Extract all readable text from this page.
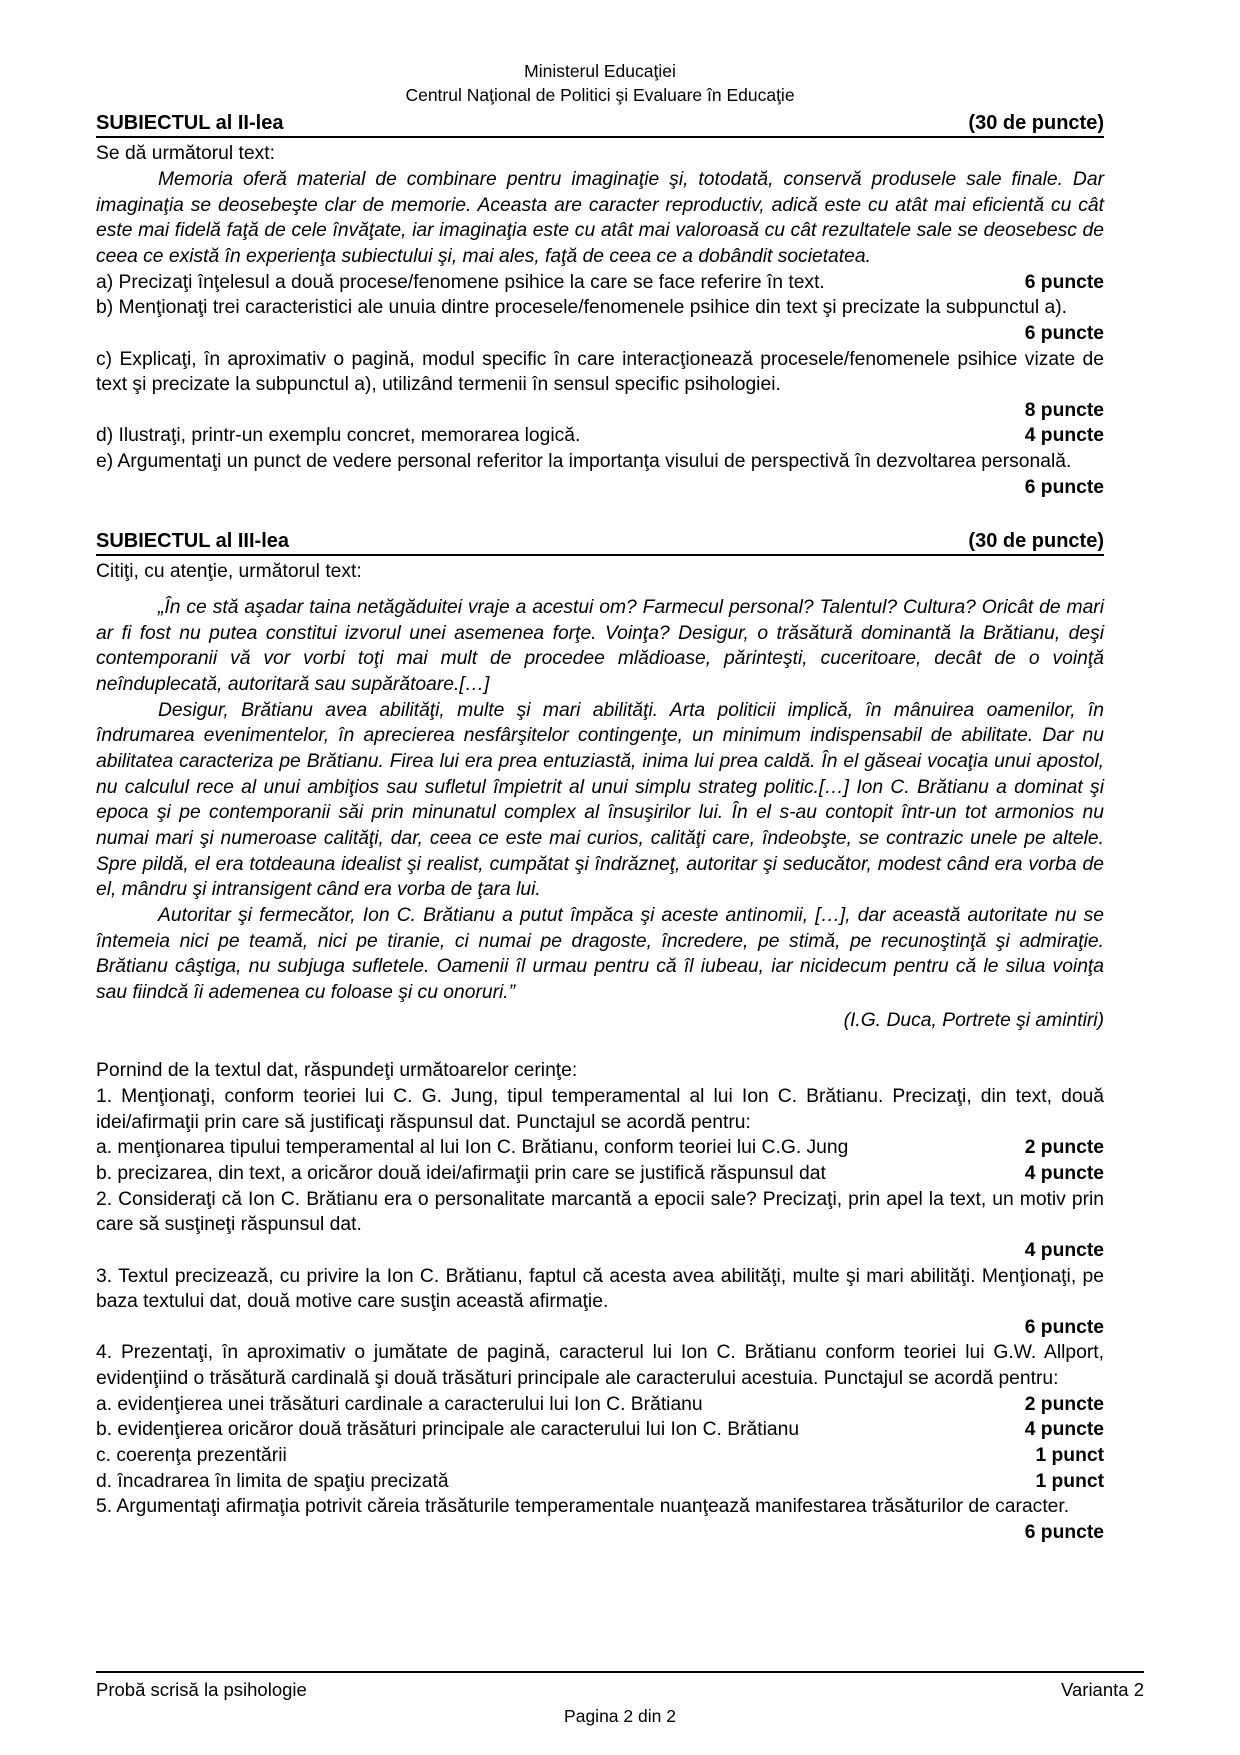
Ministerul Educaţiei
Centrul Naţional de Politici şi Evaluare în Educaţie
SUBIECTUL al II-lea	(30 de puncte)

Se dă următorul text:

Memoria oferă material de combinare pentru imaginaţie şi, totodată, conservă produsele sale finale. Dar imaginaţia se deosebeşte clar de memorie. Aceasta are caracter reproductiv, adică este cu atât mai eficientă cu cât este mai fidelă faţă de cele învăţate, iar imaginaţia este cu atât mai valoroasă cu cât rezultatele sale se deosebesc de ceea ce există în experienţa subiectului şi, mai ales, faţă de ceea ce a dobândit societatea.

a) Precizaţi înţelesul a două procese/fenomene psihice la care se face referire în text.	6 puncte

b) Menţionaţi trei caracteristici ale unuia dintre procesele/fenomenele psihice din text şi precizate la subpunctul a).

6 puncte

c) Explicaţi, în aproximativ o pagină, modul specific în care interacţionează procesele/fenomenele psihice vizate de text şi precizate la subpunctul a), utilizând termenii în sensul specific psihologiei.

8 puncte

d) Ilustraţi, printr-un exemplu concret, memorarea logică.	4 puncte

e) Argumentaţi un punct de vedere personal referitor la importanţa visului de perspectivă în dezvoltarea personală.

6 puncte

SUBIECTUL al III-lea	(30 de puncte)

Citiţi, cu atenţie, următorul text:

„În ce stă aşadar taina netăgăduitei vraje a acestui om? Farmecul personal? Talentul? Cultura? Oricât de mari ar fi fost nu putea constitui izvorul unei asemenea forţe. Voinţa? Desigur, o trăsătură dominantă la Brătianu, deşi contemporanii vă vor vorbi toţi mai mult de procedee mlădioase, părinteşti, cuceritoare, decât de o voinţă neînduplecată, autoritară sau supărătoare.[…]

Desigur, Brătianu avea abilităţi, multe şi mari abilităţi. Arta politicii implică, în mânuirea oamenilor, în îndrumarea evenimentelor, în aprecierea nesfârşitelor contingenţe, un minimum indispensabil de abilitate. Dar nu abilitatea caracteriza pe Brătianu. Firea lui era prea entuziastă, inima lui prea caldă. În el găseai vocaţia unui apostol, nu calculul rece al unui ambiţios sau sufletul împietrit al unui simplu strateg politic.[…] Ion C. Brătianu a dominat şi epoca şi pe contemporanii săi prin minunatul complex al însuşirilor lui. În el s-au contopit într-un tot armonios nu numai mari şi numeroase calităţi, dar, ceea ce este mai curios, calităţi care, îndeobşte, se contrazic unele pe altele. Spre pildă, el era totdeauna idealist şi realist, cumpătat şi îndrăzneţ, autoritar şi seducător, modest când era vorba de el, mândru şi intransigent când era vorba de ţara lui.

Autoritar şi fermecător, Ion C. Brătianu a putut împăca şi aceste antinomii, […], dar această autoritate nu se întemeia nici pe teamă, nici pe tiranie, ci numai pe dragoste, încredere, pe stimă, pe recunoştinţă şi admiraţie. Brătianu câştiga, nu subjuga sufletele. Oamenii îl urmau pentru că îl iubeau, iar nicidecum pentru că le silua voinţa sau fiindcă îi ademenea cu foloase şi cu onoruri.”

(I.G. Duca, Portrete şi amintiri)

Pornind de la textul dat, răspundeţi următoarelor cerinţe:

1. Menţionaţi, conform teoriei lui C. G. Jung, tipul temperamental al lui Ion C. Brătianu. Precizaţi, din text, două idei/afirmaţii prin care să justificaţi răspunsul dat. Punctajul se acordă pentru:

a. menţionarea tipului temperamental al lui Ion C. Brătianu, conform teoriei lui C.G. Jung	2 puncte
b. precizarea, din text, a oricăror două idei/afirmaţii prin care se justifică răspunsul dat	4 puncte

2. Consideraţi că Ion C. Brătianu era o personalitate marcantă a epocii sale? Precizaţi, prin apel la text, un motiv prin care să susţineţi răspunsul dat.

4 puncte

3. Textul precizează, cu privire la Ion C. Brătianu, faptul că acesta avea abilităţi, multe şi mari abilităţi. Menţionaţi, pe baza textului dat, două motive care susţin această afirmaţie.

6 puncte

4. Prezentaţi, în aproximativ o jumătate de pagină, caracterul lui Ion C. Brătianu conform teoriei lui G.W. Allport, evidenţiind o trăsătură cardinală şi două trăsături principale ale caracterului acestuia. Punctajul se acordă pentru:

a. evidenţierea unei trăsături cardinale a caracterului lui Ion C. Brătianu	2 puncte
b. evidenţierea oricăror două trăsături principale ale caracterului lui Ion C. Brătianu	4 puncte
c. coerenţa prezentării	1 punct
d. încadrarea în limita de spaţiu precizată	1 punct

5. Argumentaţi afirmaţia potrivit căreia trăsăturile temperamentale nuanţează manifestarea trăsăturilor de caracter.

6 puncte

Probă scrisă la psihologie	Varianta 2
Pagina 2 din 2
